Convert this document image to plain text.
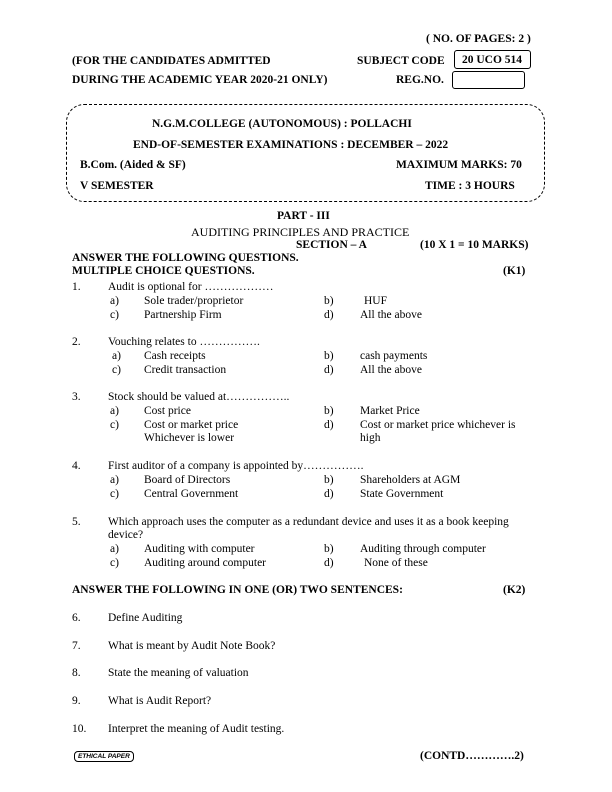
( NO. OF PAGES: 2 )
(FOR THE CANDIDATES ADMITTED
DURING THE ACADEMIC YEAR 2020-21 ONLY)
SUBJECT CODE 20 UCO 514
REG.NO.
N.G.M.COLLEGE (AUTONOMOUS) : POLLACHI
END-OF-SEMESTER EXAMINATIONS : DECEMBER – 2022
B.Com. (Aided & SF)	MAXIMUM MARKS: 70
V SEMESTER	TIME : 3 HOURS
PART - III
AUDITING PRINCIPLES AND PRACTICE
SECTION – A	(10 X 1 = 10 MARKS)
ANSWER THE FOLLOWING QUESTIONS.
MULTIPLE CHOICE QUESTIONS.	(K1)
1. Audit is optional for ………………
a) Sole trader/proprietor	b)	HUF
c) Partnership Firm	d) All the above
2. Vouching relates to …………….
a) Cash receipts	b) cash payments
c) Credit transaction	d) All the above
3. Stock should be valued at……………..
a) Cost price	b) Market Price
c) Cost or market price
Whichever is lower
d) Cost or market price whichever is
high
4. First auditor of a company is appointed by…………….
a) Board of Directors	b) Shareholders at AGM
c) Central Government	d) State Government
5. Which approach uses the computer as a redundant device and uses it as a book keeping
device?
a) Auditing with computer	b) Auditing through computer
c) Auditing around computer	d)	None of these
ANSWER THE FOLLOWING IN ONE (OR) TWO SENTENCES:	(K2)
6. Define Auditing
7. What is meant by Audit Note Book?
8. State the meaning of valuation
9. What is Audit Report?
10. Interpret the meaning of Audit testing.
ETHICAL PAPER	(CONTD………….2)
